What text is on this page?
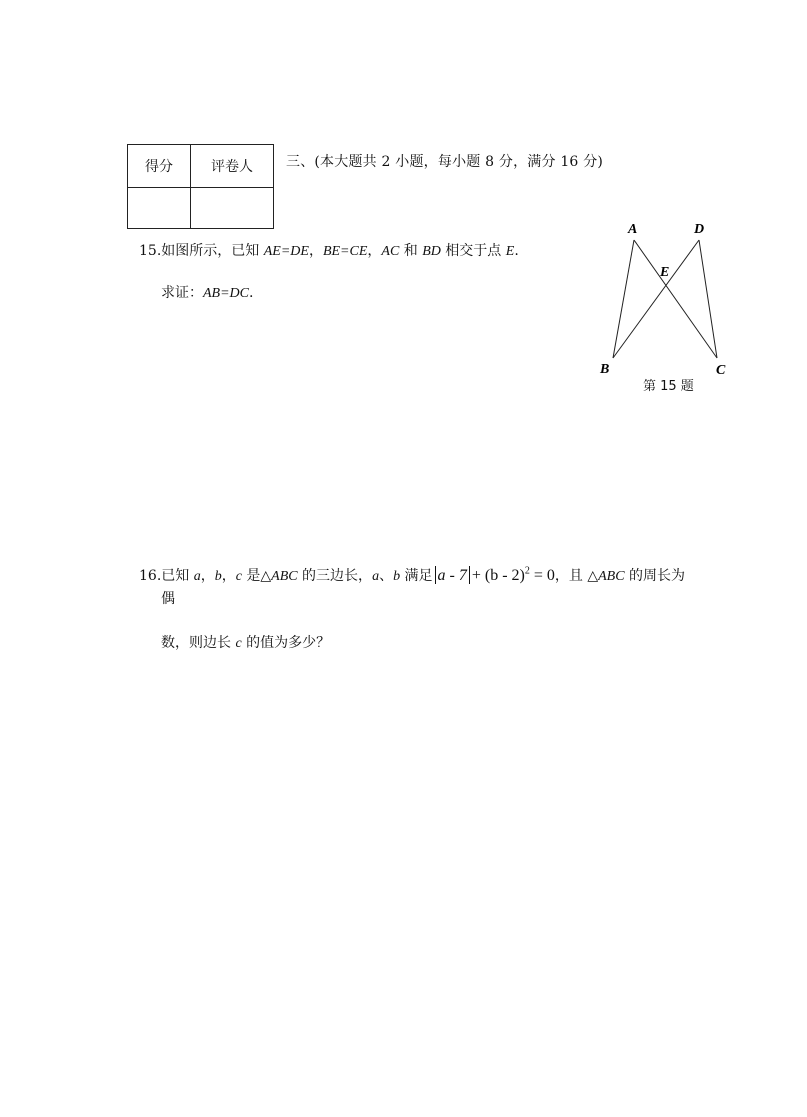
得分	评卷人
	三、(本大题共 2 小题，每小题 8 分，满分 16 分)
15.如图所示，已知 AE=DE，BE=CE，AC 和 BD 相交于点 E.
求证：AB=DC.
A	D
E
B	C
第 15 题
16.已知 a，b，c 是△ABC 的三边长，a、b 满足 a - 7 + (b - 2)$^2$ = 0，且 △ABC 的周长为
偶
数，则边长 c 的值为多少？
